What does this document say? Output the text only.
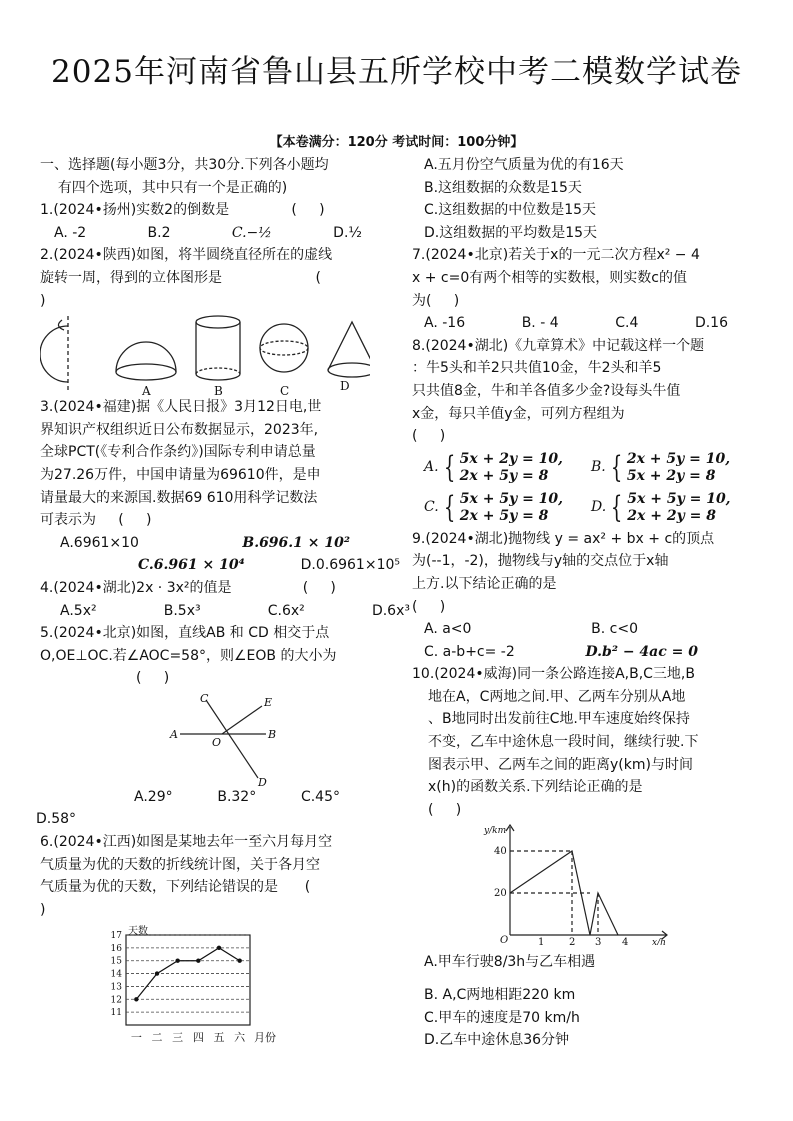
2025年河南省鲁山县五所学校中考二模数学试卷
【本卷满分：120分 考试时间：100分钟】
一、选择题(每小题3分，共30分.下列各小题均
有四个选项，其中只有一个是正确的)
1.(2024•扬州)实数2的倒数是              (     )
A. -2	B.2	C.−½	D.½
2.(2024•陕西)如图，将半圆绕直径所在的虚线
旋转一周，得到的立体图形是                     (
)
A	B	C	D
3.(2024•福建)据《人民日报》3月12日电,世
界知识产权组织近日公布数据显示，2023年,
全球PCT(《专利合作条约》)国际专利申请总量
为27.26万件，中国申请量为69610件，是申
请量最大的来源国.数据69 610用科学记数法
可表示为     (     )
A.6961×10	B.696.1 × 10²
C.6.961 × 10⁴	D.0.6961×10⁵
4.(2024•湖北)2x · 3x²的值是                (     )
A.5x²	B.5x³	C.6x²	D.6x³
5.(2024•北京)如图，直线AB 和 CD 相交于点
O,OE⊥OC.若∠AOC=58°，则∠EOB 的大小为
(     )
C	E
A
O
B
D
A.29°	B.32°	C.45°
D.58°
6.(2024•江西)如图是某地去年一至六月每月空
气质量为优的天数的折线统计图，关于各月空
气质量为优的天数，下列结论错误的是      (
)
11
12
13
14
15
16
17 天数
一 二 三 四 五 六 月份
A.五月份空气质量为优的有16天
B.这组数据的众数是15天
C.这组数据的中位数是15天
D.这组数据的平均数是15天
7.(2024•北京)若关于x的一元二次方程x² − 4
x + c=0有两个相等的实数根，则实数c的值
为(     )
A. -16	B. - 4	C.4	D.16
8.(2024•湖北)《九章算术》中记载这样一个题
：牛5头和羊2只共值10金，牛2头和羊5
只共值8金，牛和羊各值多少金?设每头牛值
x金，每只羊值y金，可列方程组为
(     )
A. { 5x + 2y = 10,
2x + 5y = 8
B. { 2x + 5y = 10,
5x + 2y = 8
C. { 5x + 5y = 10,
2x + 5y = 8
D. { 5x + 5y = 10,
2x + 2y = 8
9.(2024•湖北)抛物线 y = ax² + bx + c的顶点
为(--1，-2)，抛物线与y轴的交点位于x轴
上方.以下结论正确的是
(     )
A. a<0	B. c<0
C. a-b+c= -2	D.b² − 4ac = 0
10.(2024•威海)同一条公路连接A,B,C三地,B
地在A，C两地之间.甲、乙两车分别从A地
、B地同时出发前往C地.甲车速度始终保持
不变，乙车中途休息一段时间，继续行驶.下
图表示甲、乙两车之间的距离y(km)与时间
x(h)的函数关系.下列结论正确的是
(     )
y/km
x/h
O
20
40
1 2 3 4
A.甲车行驶8/3h与乙车相遇
B. A,C两地相距220 km
C.甲车的速度是70 km/h
D.乙车中途休息36分钟
